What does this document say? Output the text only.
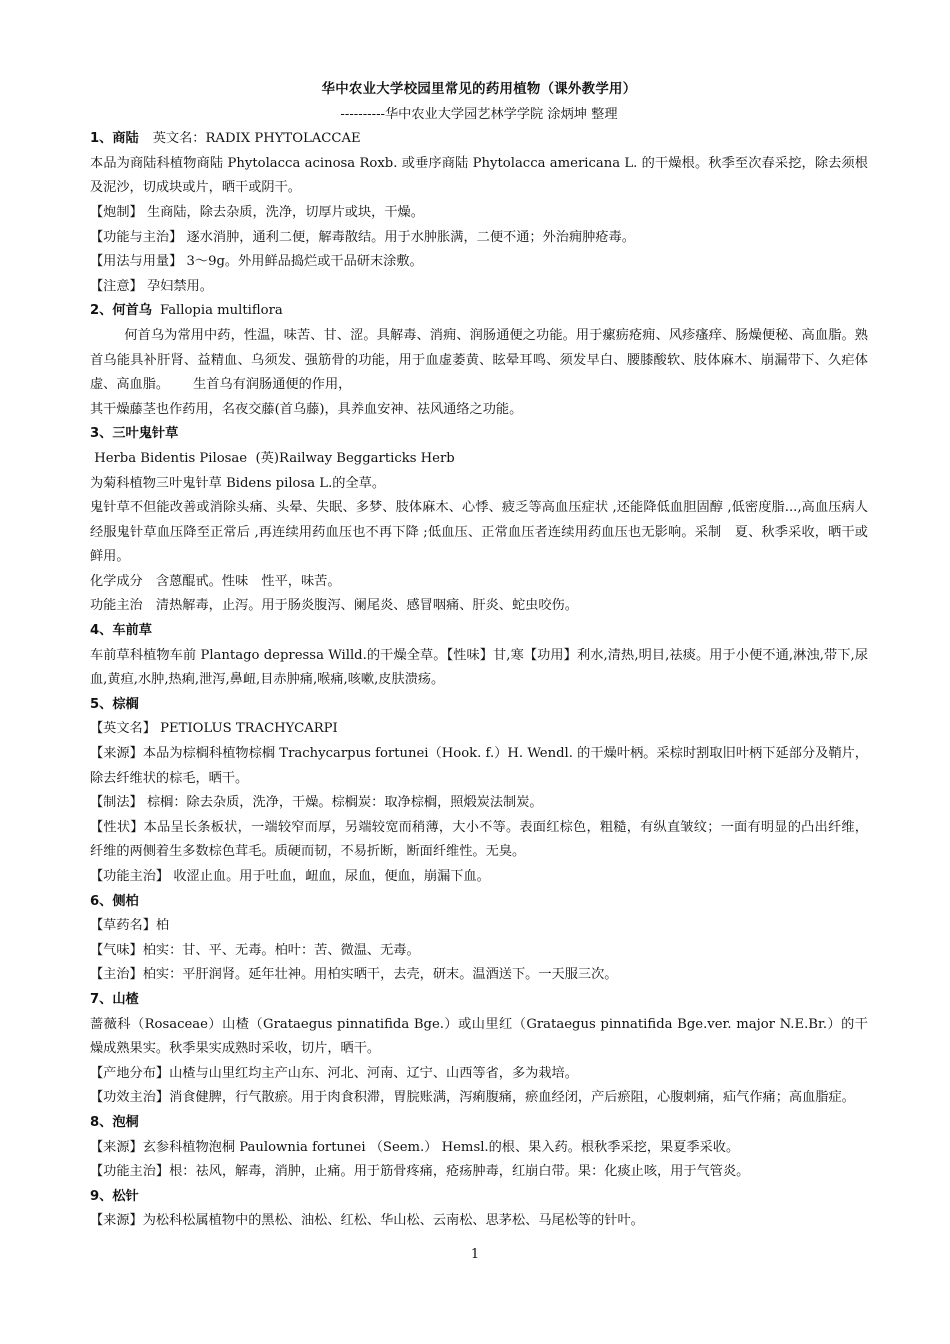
华中农业大学校园里常见的药用植物（课外教学用）
----------华中农业大学园艺林学学院 涂炳坤 整理
1、商陆 英文名：RADIX PHYTOLACCAE
本品为商陆科植物商陆 Phytolacca acinosa Roxb. 或垂序商陆 Phytolacca americana L. 的干燥根。秋季至次春采挖，除去须根及泥沙，切成块或片，晒干或阴干。
【炮制】 生商陆，除去杂质，洗净，切厚片或块，干燥。
【功能与主治】 逐水消肿，通利二便，解毒散结。用于水肿胀满，二便不通；外治痈肿疮毒。
【用法与用量】 3～9g。外用鲜品捣烂或干品研末涂敷。
【注意】 孕妇禁用。
2、何首乌 Fallopia multiflora
何首乌为常用中药，性温，味苦、甘、涩。具解毒、消痈、润肠通便之功能。用于瘰疬疮痈、风疹瘙痒、肠燥便秘、高血脂。熟首乌能具补肝肾、益精血、乌须发、强筋骨的功能，用于血虚萎黄、眩晕耳鸣、须发早白、腰膝酸软、肢体麻木、崩漏带下、久疟体虚、高血脂。　　 生首乌有润肠通便的作用，
其干燥藤茎也作药用，名夜交藤(首乌藤)，具养血安神、祛风通络之功能。
3、三叶鬼针草
Herba Bidentis Pilosae  (英)Railway Beggarticks Herb
为菊科植物三叶鬼针草 Bidens pilosa L.的全草。
鬼针草不但能改善或消除头痛、头晕、失眠、多梦、肢体麻木、心悸、疲乏等高血压症状 ,还能降低血胆固醇 ,低密度脂...,高血压病人经服鬼针草血压降至正常后 ,再连续用药血压也不再下降 ;低血压、正常血压者连续用药血压也无影响。采制　夏、秋季采收，晒干或鲜用。
化学成分　含蒽醌甙。性味　性平，味苦。
功能主治　清热解毒，止泻。用于肠炎腹泻、阑尾炎、感冒咽痛、肝炎、蛇虫咬伤。
4、车前草
车前草科植物车前 Plantago depressa Willd.的干燥全草。【性味】甘,寒【功用】利水,清热,明目,祛痰。用于小便不通,淋浊,带下,尿血,黄疸,水肿,热痢,泄泻,鼻衄,目赤肿痛,喉痛,咳嗽,皮肤溃疡。
5、棕榈
【英文名】 PETIOLUS TRACHYCARPI
【来源】本品为棕榈科植物棕榈 Trachycarpus fortunei（Hook. f.）H. Wendl. 的干燥叶柄。采棕时割取旧叶柄下延部分及鞘片，除去纤维状的棕毛，晒干。
【制法】 棕榈：除去杂质，洗净，干燥。棕榈炭：取净棕榈，照煅炭法制炭。
【性状】本品呈长条板状，一端较窄而厚，另端较宽而稍薄，大小不等。表面红棕色，粗糙，有纵直皱纹；一面有明显的凸出纤维，纤维的两侧着生多数棕色茸毛。质硬而韧，不易折断，断面纤维性。无臭。
【功能主治】 收涩止血。用于吐血，衄血，尿血，便血，崩漏下血。
6、侧柏
【草药名】柏
【气味】柏实：甘、平、无毒。柏叶：苦、微温、无毒。
【主治】柏实：平肝润肾。延年壮神。用柏实晒干，去壳，研末。温酒送下。一天服三次。
7、山楂
蔷薇科（Rosaceae）山楂（Grataegus pinnatifida Bge.）或山里红（Grataegus pinnatifida Bge.ver. major N.E.Br.）的干燥成熟果实。秋季果实成熟时采收，切片，晒干。
【产地分布】山楂与山里红均主产山东、河北、河南、辽宁、山西等省，多为栽培。
【功效主治】消食健脾，行气散瘀。用于肉食积滞，胃脘账满，泻痢腹痛，瘀血经闭，产后瘀阻，心腹刺痛，疝气作痛；高血脂症。
8、泡桐
【来源】玄参科植物泡桐 Paulownia fortunei （Seem.） Hemsl.的根、果入药。根秋季采挖，果夏季采收。
【功能主治】根：祛风，解毒，消肿，止痛。用于筋骨疼痛，疮疡肿毒，红崩白带。果：化痰止咳，用于气管炎。
9、松针
【来源】为松科松属植物中的黑松、油松、红松、华山松、云南松、思茅松、马尾松等的针叶。
1
